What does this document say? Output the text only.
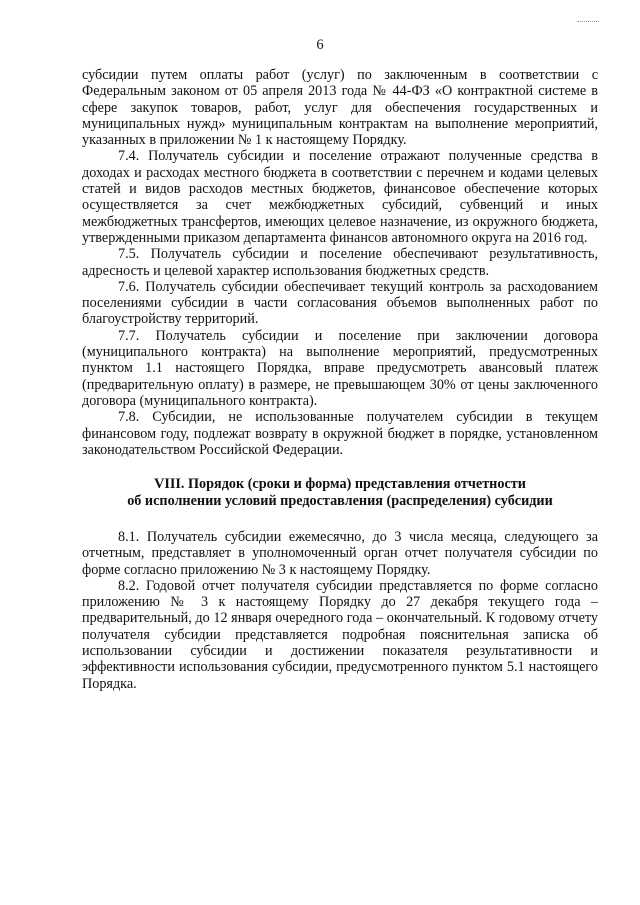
6

субсидии путем оплаты работ (услуг) по заключенным в соответствии с Федеральным законом от 05 апреля 2013 года № 44-ФЗ «О контрактной системе в сфере закупок товаров, работ, услуг для обеспечения государственных и муниципальных нужд» муниципальным контрактам на выполнение мероприятий, указанных в приложении № 1 к настоящему Порядку.

7.4. Получатель субсидии и поселение отражают полученные средства в доходах и расходах местного бюджета в соответствии с перечнем и кодами целевых статей и видов расходов местных бюджетов, финансовое обеспечение которых осуществляется за счет межбюджетных субсидий, субвенций и иных межбюджетных трансфертов, имеющих целевое назначение, из окружного бюджета, утвержденными приказом департамента финансов автономного округа на 2016 год.

7.5. Получатель субсидии и поселение обеспечивают результативность, адресность и целевой характер использования бюджетных средств.

7.6. Получатель субсидии обеспечивает текущий контроль за расходованием поселениями субсидии в части согласования объемов выполненных работ по благоустройству территорий.

7.7. Получатель субсидии и поселение при заключении договора (муниципального контракта) на выполнение мероприятий, предусмотренных пунктом 1.1 настоящего Порядка, вправе предусмотреть авансовый платеж (предварительную оплату) в размере, не превышающем 30% от цены заключенного договора (муниципального контракта).

7.8. Субсидии, не использованные получателем субсидии в текущем финансовом году, подлежат возврату в окружной бюджет в порядке, установленном законодательством Российской Федерации.

VIII. Порядок (сроки и форма) представления отчетности
об исполнении условий предоставления (распределения) субсидии

8.1. Получатель субсидии ежемесячно, до 3 числа месяца, следующего за отчетным, представляет в уполномоченный орган отчет получателя субсидии по форме согласно приложению № 3 к настоящему Порядку.

8.2. Годовой отчет получателя субсидии представляется по форме согласно приложению № 3 к настоящему Порядку до 27 декабря текущего года – предварительный, до 12 января очередного года – окончательный. К годовому отчету получателя субсидии представляется подробная пояснительная записка об использовании субсидии и достижении показателя результативности и эффективности использования субсидии, предусмотренного пунктом 5.1 настоящего Порядка.
